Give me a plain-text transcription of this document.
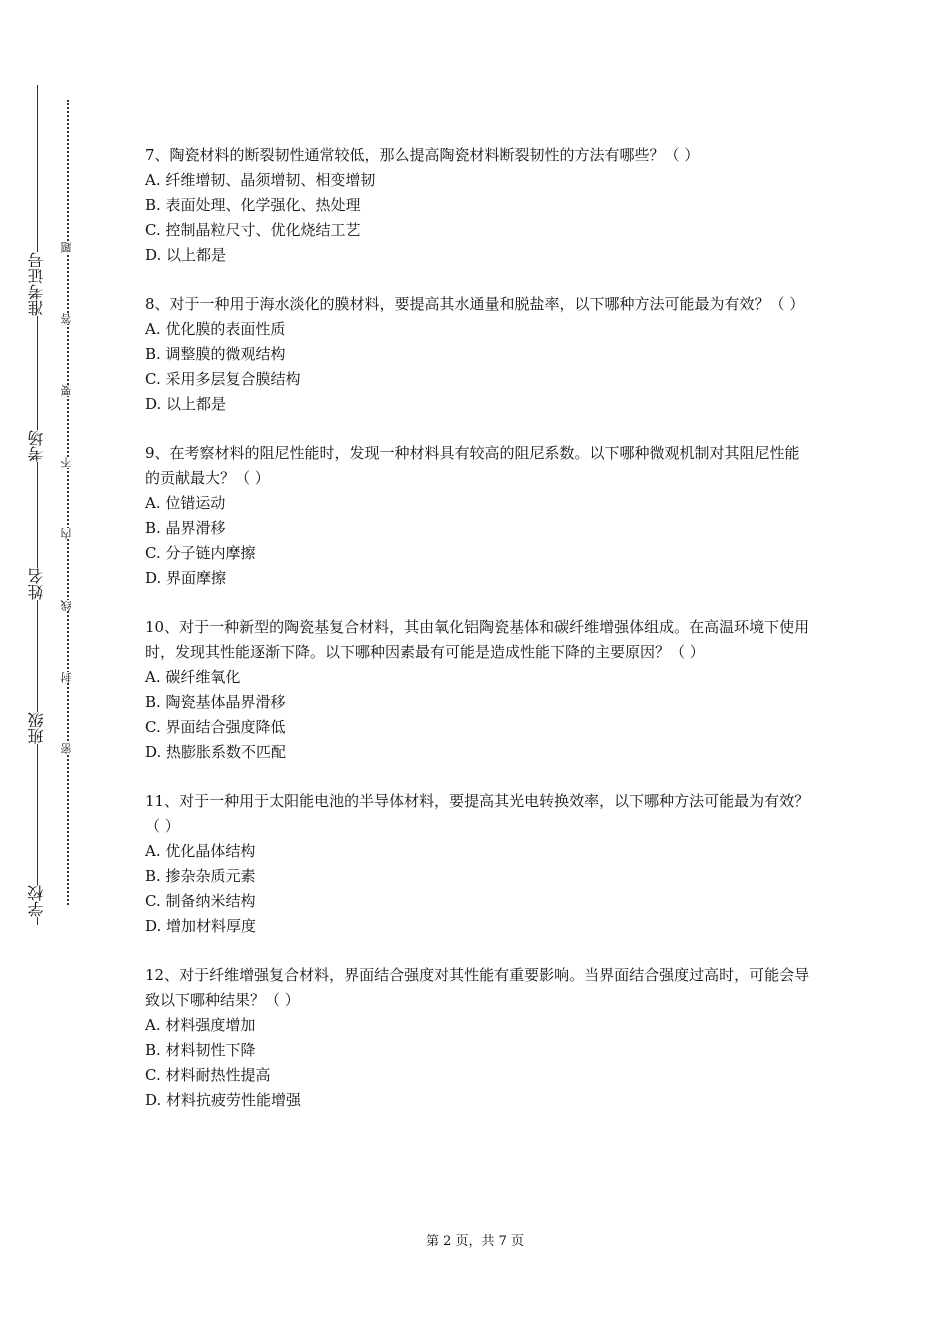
准考证号
考场
姓名
班级
学校
题
答
要
不
内
线
封
密
7、陶瓷材料的断裂韧性通常较低，那么提高陶瓷材料断裂韧性的方法有哪些？（ ）
A. 纤维增韧、晶须增韧、相变增韧
B. 表面处理、化学强化、热处理
C. 控制晶粒尺寸、优化烧结工艺
D. 以上都是
8、对于一种用于海水淡化的膜材料，要提高其水通量和脱盐率，以下哪种方法可能最为有效？（ ）
A. 优化膜的表面性质
B. 调整膜的微观结构
C. 采用多层复合膜结构
D. 以上都是
9、在考察材料的阻尼性能时，发现一种材料具有较高的阻尼系数。以下哪种微观机制对其阻尼性能的贡献最大？（ ）
A. 位错运动
B. 晶界滑移
C. 分子链内摩擦
D. 界面摩擦
10、对于一种新型的陶瓷基复合材料，其由氧化铝陶瓷基体和碳纤维增强体组成。在高温环境下使用时，发现其性能逐渐下降。以下哪种因素最有可能是造成性能下降的主要原因？（ ）
A. 碳纤维氧化
B. 陶瓷基体晶界滑移
C. 界面结合强度降低
D. 热膨胀系数不匹配
11、对于一种用于太阳能电池的半导体材料，要提高其光电转换效率，以下哪种方法可能最为有效？（ ）
A. 优化晶体结构
B. 掺杂杂质元素
C. 制备纳米结构
D. 增加材料厚度
12、对于纤维增强复合材料，界面结合强度对其性能有重要影响。当界面结合强度过高时，可能会导致以下哪种结果？（ ）
A. 材料强度增加
B. 材料韧性下降
C. 材料耐热性提高
D. 材料抗疲劳性能增强
第 2 页，共 7 页
